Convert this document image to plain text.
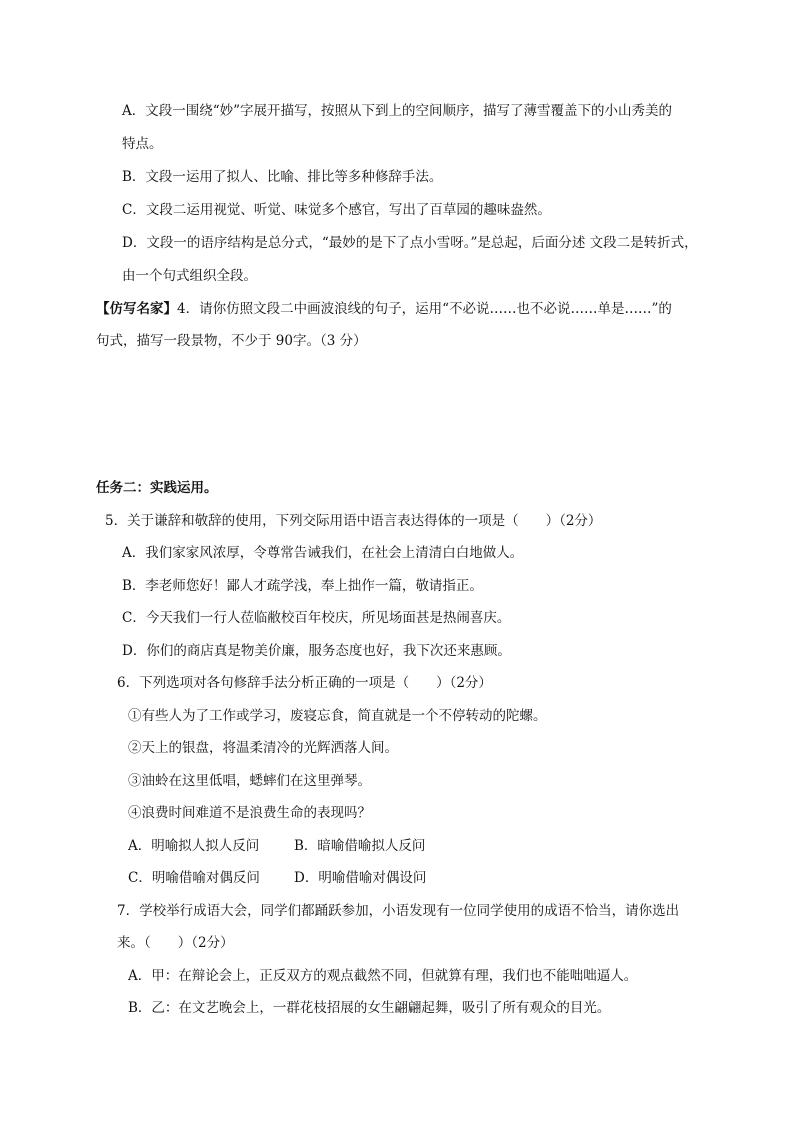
A．文段一围绕“妙”字展开描写，按照从下到上的空间顺序，描写了薄雪覆盖下的小山秀美的
特点。
B．文段一运用了拟人、比喻、排比等多种修辞手法。
C．文段二运用视觉、听觉、味觉多个感官，写出了百草园的趣味盎然。
D．文段一的语序结构是总分式，“最妙的是下了点小雪呀。”是总起，后面分述 文段二是转折式，
由一个句式组织全段。
【仿写名家】4．请你仿照文段二中画波浪线的句子，运用“不必说……也不必说……单是……”的
句式，描写一段景物，不少于 90字。（3 分）
任务二：实践运用。
5．关于谦辞和敬辞的使用，下列交际用语中语言表达得体的一项是（　　）（2分）
A．我们家家风浓厚，令尊常告诫我们，在社会上清清白白地做人。
B．李老师您好！鄙人才疏学浅，奉上拙作一篇，敬请指正。
C．今天我们一行人莅临敝校百年校庆，所见场面甚是热闹喜庆。
D．你们的商店真是物美价廉，服务态度也好，我下次还来惠顾。
6．下列选项对各句修辞手法分析正确的一项是（　　）（2分）
①有些人为了工作或学习，废寝忘食，简直就是一个不停转动的陀螺。
②天上的银盘，将温柔清冷的光辉洒落人间。
③油蛉在这里低唱，蟋蟀们在这里弹琴。
④浪费时间难道不是浪费生命的表现吗？
A．明喻拟人拟人反问	B．暗喻借喻拟人反问
C．明喻借喻对偶反问	D．明喻借喻对偶设问
7．学校举行成语大会，同学们都踊跃参加，小语发现有一位同学使用的成语不恰当，请你选出
来。（　　）（2分）
A．甲：在辩论会上，正反双方的观点截然不同，但就算有理，我们也不能咄咄逼人。
B．乙：在文艺晚会上，一群花枝招展的女生翩翩起舞，吸引了所有观众的目光。
